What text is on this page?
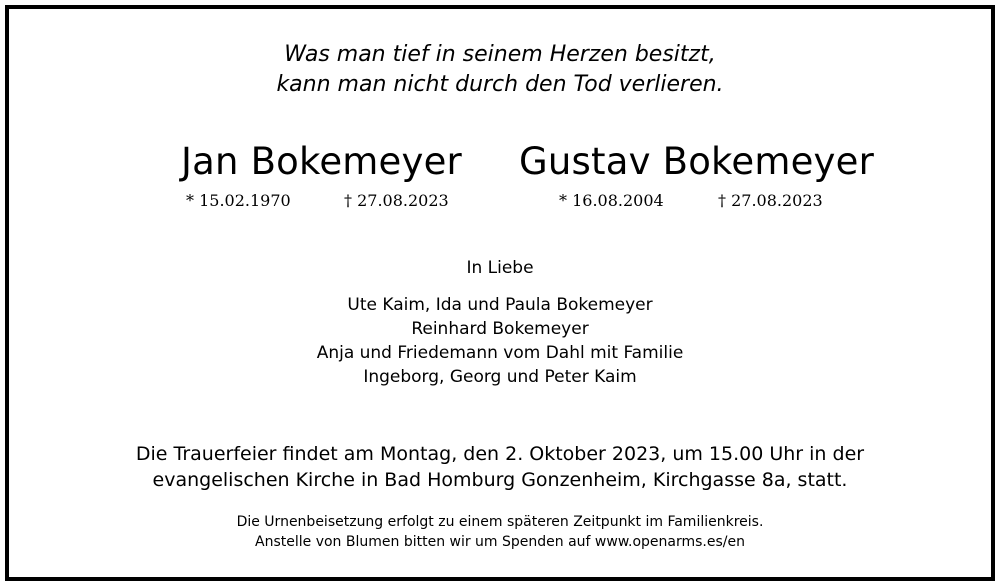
Was man tief in seinem Herzen besitzt,
kann man nicht durch den Tod verlieren.
Jan Bokemeyer
* 15.02.1970	† 27.08.2023
Gustav Bokemeyer
* 16.08.2004	† 27.08.2023
In Liebe
Ute Kaim, Ida und Paula Bokemeyer
Reinhard Bokemeyer
Anja und Friedemann vom Dahl mit Familie
Ingeborg, Georg und Peter Kaim
Die Trauerfeier findet am Montag, den 2. Oktober 2023, um 15.00 Uhr in der
evangelischen Kirche in Bad Homburg Gonzenheim, Kirchgasse 8a, statt.
Die Urnenbeisetzung erfolgt zu einem späteren Zeitpunkt im Familienkreis.
Anstelle von Blumen bitten wir um Spenden auf www.openarms.es/en
